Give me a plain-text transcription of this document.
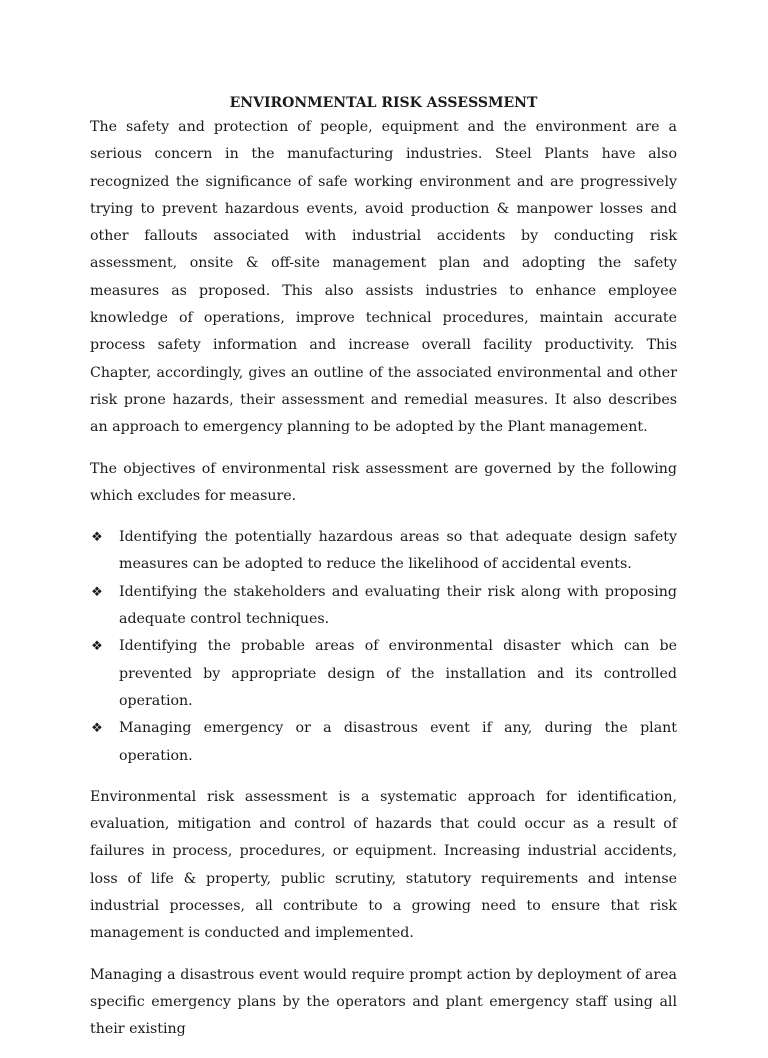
ENVIRONMENTAL RISK ASSESSMENT

The safety and protection of people, equipment and the environment are a serious concern in the manufacturing industries. Steel Plants have also recognized the significance of safe working environment and are progressively trying to prevent hazardous events, avoid production & manpower losses and other fallouts associated with industrial accidents by conducting risk assessment, onsite & off-site management plan and adopting the safety measures as proposed. This also assists industries to enhance employee knowledge of operations, improve technical procedures, maintain accurate process safety information and increase overall facility productivity. This Chapter, accordingly, gives an outline of the associated environmental and other risk prone hazards, their assessment and remedial measures. It also describes an approach to emergency planning to be adopted by the Plant management.

The objectives of environmental risk assessment are governed by the following which excludes for measure.

❖ Identifying the potentially hazardous areas so that adequate design safety measures can be adopted to reduce the likelihood of accidental events.
❖ Identifying the stakeholders and evaluating their risk along with proposing adequate control techniques.
❖ Identifying the probable areas of environmental disaster which can be prevented by appropriate design of the installation and its controlled operation.
❖ Managing emergency or a disastrous event if any, during the plant operation.

Environmental risk assessment is a systematic approach for identification, evaluation, mitigation and control of hazards that could occur as a result of failures in process, procedures, or equipment. Increasing industrial accidents, loss of life & property, public scrutiny, statutory requirements and intense industrial processes, all contribute to a growing need to ensure that risk management is conducted and implemented.

Managing a disastrous event would require prompt action by deployment of area specific emergency plans by the operators and plant emergency staff using all their existing
